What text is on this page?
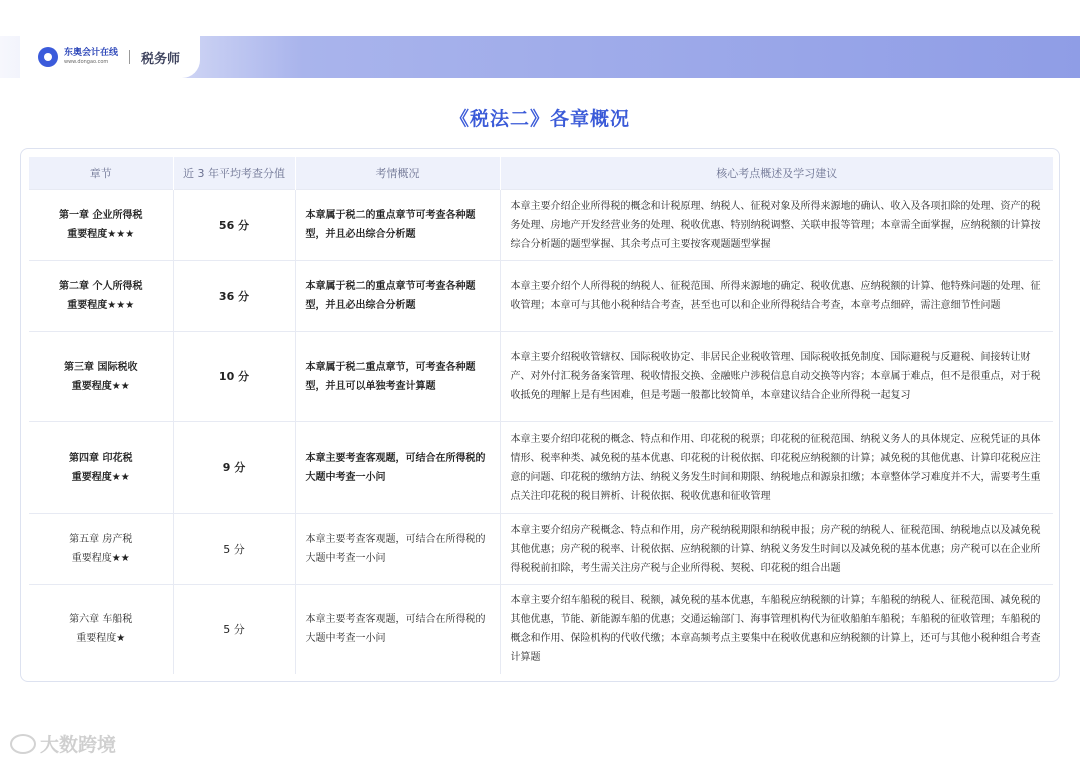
东奥会计在线
www.dongao.com	税务师
《税法二》各章概况
章节	近 3 年平均考查分值	考情概况	核心考点概述及学习建议

第一章 企业所得税
重要程度★★★	56 分	本章属于税二的重点章节可考查各种题型，并且必出综合分析题	本章主要介绍企业所得税的概念和计税原理、纳税人、征税对象及所得来源地的确认、收入及各项扣除的处理、资产的税务处理、房地产开发经营业务的处理、税收优惠、特别纳税调整、关联申报等管理；本章需全面掌握，应纳税额的计算按综合分析题的题型掌握、其余考点可主要按客观题题型掌握

第二章 个人所得税
重要程度★★★	36 分	本章属于税二的重点章节可考查各种题型，并且必出综合分析题	本章主要介绍个人所得税的纳税人、征税范围、所得来源地的确定、税收优惠、应纳税额的计算、他特殊问题的处理、征收管理；本章可与其他小税种结合考查，甚至也可以和企业所得税结合考查，本章考点细碎，需注意细节性问题

第三章 国际税收
重要程度★★	10 分	本章属于税二重点章节，可考查各种题型，并且可以单独考查计算题	本章主要介绍税收管辖权、国际税收协定、非居民企业税收管理、国际税收抵免制度、国际避税与反避税、间接转让财产、对外付汇税务备案管理、税收情报交换、金融账户涉税信息自动交换等内容；本章属于难点，但不是很重点，对于税收抵免的理解上是有些困难，但是考题一般都比较简单，本章建议结合企业所得税一起复习

第四章 印花税
重要程度★★	9 分	本章主要考查客观题，可结合在所得税的大题中考查一小问	本章主要介绍印花税的概念、特点和作用、印花税的税票；印花税的征税范围、纳税义务人的具体规定、应税凭证的具体情形、税率种类、减免税的基本优惠、印花税的计税依据、印花税应纳税额的计算；减免税的其他优惠、计算印花税应注意的问题、印花税的缴纳方法、纳税义务发生时间和期限、纳税地点和源泉扣缴；本章整体学习难度并不大，需要考生重点关注印花税的税目辨析、计税依据、税收优惠和征收管理

第五章 房产税
重要程度★★	5 分	本章主要考查客观题，可结合在所得税的大题中考查一小问	本章主要介绍房产税概念、特点和作用，房产税纳税期限和纳税申报；房产税的纳税人、征税范围、纳税地点以及减免税其他优惠；房产税的税率、计税依据、应纳税额的计算、纳税义务发生时间以及减免税的基本优惠；房产税可以在企业所得税税前扣除，考生需关注房产税与企业所得税、契税、印花税的组合出题

第六章 车船税
重要程度★	5 分	本章主要考查客观题，可结合在所得税的大题中考查一小问	本章主要介绍车船税的税目、税额，减免税的基本优惠，车船税应纳税额的计算；车船税的纳税人、征税范围、减免税的其他优惠，节能、新能源车船的优惠；交通运输部门、海事管理机构代为征收船舶车船税；车船税的征收管理；车船税的概念和作用、保险机构的代收代缴；本章高频考点主要集中在税收优惠和应纳税额的计算上，还可与其他小税种组合考查计算题
大数跨境
